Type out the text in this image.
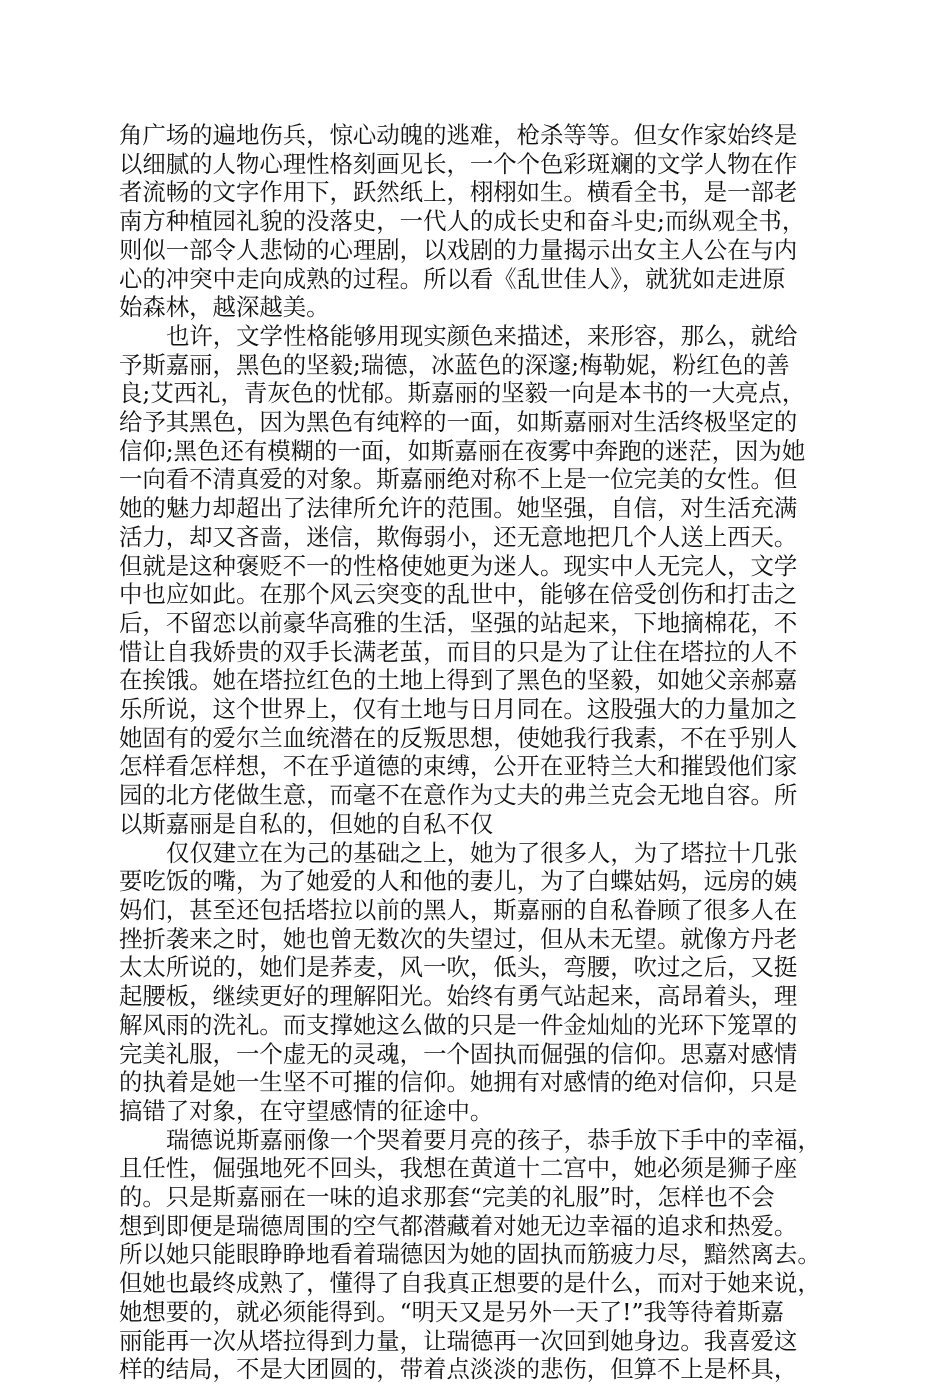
角广场的遍地伤兵，惊心动魄的逃难，枪杀等等。但女作家始终是
以细腻的人物心理性格刻画见长，一个个色彩斑斓的文学人物在作
者流畅的文字作用下，跃然纸上，栩栩如生。横看全书，是一部老
南方种植园礼貌的没落史，一代人的成长史和奋斗史;而纵观全书，
则似一部令人悲恸的心理剧，以戏剧的力量揭示出女主人公在与内
心的冲突中走向成熟的过程。所以看《乱世佳人》，就犹如走进原
始森林，越深越美。
也许，文学性格能够用现实颜色来描述，来形容，那么，就给
予斯嘉丽，黑色的坚毅;瑞德，冰蓝色的深邃;梅勒妮，粉红色的善
良;艾西礼，青灰色的忧郁。斯嘉丽的坚毅一向是本书的一大亮点，
给予其黑色，因为黑色有纯粹的一面，如斯嘉丽对生活终极坚定的
信仰;黑色还有模糊的一面，如斯嘉丽在夜雾中奔跑的迷茫，因为她
一向看不清真爱的对象。斯嘉丽绝对称不上是一位完美的女性。但
她的魅力却超出了法律所允许的范围。她坚强，自信，对生活充满
活力，却又吝啬，迷信，欺侮弱小，还无意地把几个人送上西天。
但就是这种褒贬不一的性格使她更为迷人。现实中人无完人，文学
中也应如此。在那个风云突变的乱世中，能够在倍受创伤和打击之
后，不留恋以前豪华高雅的生活，坚强的站起来，下地摘棉花，不
惜让自我娇贵的双手长满老茧，而目的只是为了让住在塔拉的人不
在挨饿。她在塔拉红色的土地上得到了黑色的坚毅，如她父亲郝嘉
乐所说，这个世界上，仅有土地与日月同在。这股强大的力量加之
她固有的爱尔兰血统潜在的反叛思想，使她我行我素，不在乎别人
怎样看怎样想，不在乎道德的束缚，公开在亚特兰大和摧毁他们家
园的北方佬做生意，而毫不在意作为丈夫的弗兰克会无地自容。所
以斯嘉丽是自私的，但她的自私不仅
仅仅建立在为己的基础之上，她为了很多人，为了塔拉十几张
要吃饭的嘴，为了她爱的人和他的妻儿，为了白蝶姑妈，远房的姨
妈们，甚至还包括塔拉以前的黑人，斯嘉丽的自私眷顾了很多人在
挫折袭来之时，她也曾无数次的失望过，但从未无望。就像方丹老
太太所说的，她们是荞麦，风一吹，低头，弯腰，吹过之后，又挺
起腰板，继续更好的理解阳光。始终有勇气站起来，高昂着头，理
解风雨的洗礼。而支撑她这么做的只是一件金灿灿的光环下笼罩的
完美礼服，一个虚无的灵魂，一个固执而倔强的信仰。思嘉对感情
的执着是她一生坚不可摧的信仰。她拥有对感情的绝对信仰，只是
搞错了对象，在守望感情的征途中。
瑞德说斯嘉丽像一个哭着要月亮的孩子，恭手放下手中的幸福，
且任性，倔强地死不回头，我想在黄道十二宫中，她必须是狮子座
的。只是斯嘉丽在一味的追求那套“完美的礼服”时，怎样也不会
想到即便是瑞德周围的空气都潜藏着对她无边幸福的追求和热爱。
所以她只能眼睁睁地看着瑞德因为她的固执而筋疲力尽，黯然离去。
但她也最终成熟了，懂得了自我真正想要的是什么，而对于她来说，
她想要的，就必须能得到。“明天又是另外一天了!”我等待着斯嘉
丽能再一次从塔拉得到力量，让瑞德再一次回到她身边。我喜爱这
样的结局，不是大团圆的，带着点淡淡的悲伤，但算不上是杯具，
